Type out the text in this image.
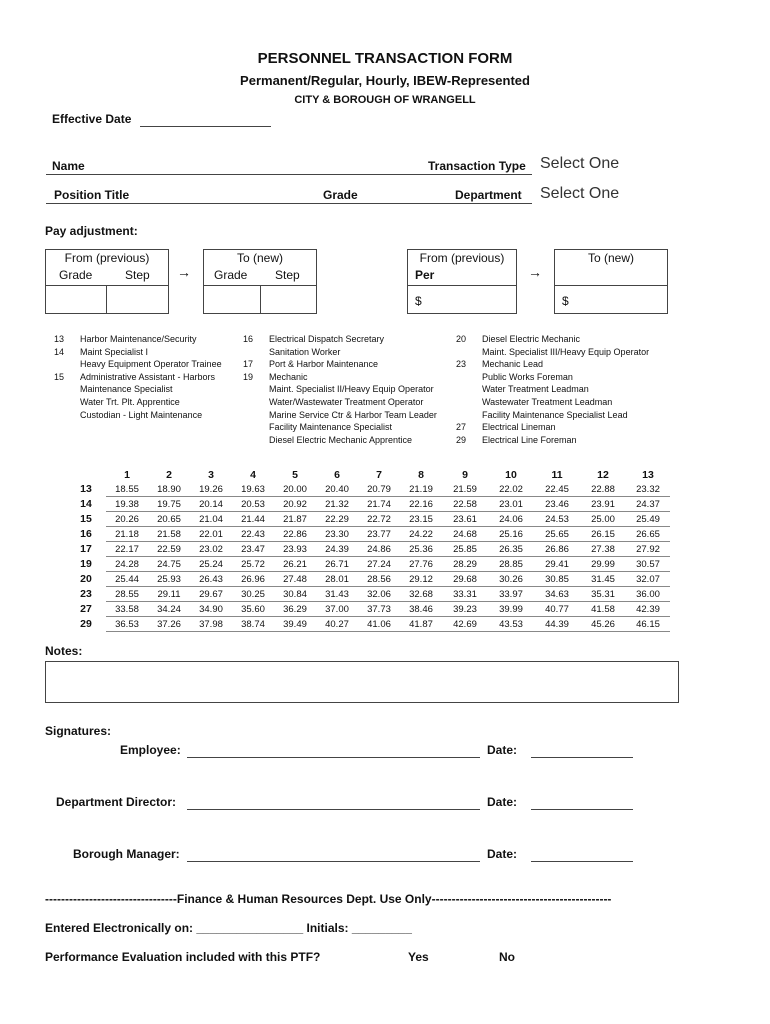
PERSONNEL TRANSACTION FORM
Permanent/Regular, Hourly, IBEW-Represented
CITY & BOROUGH OF WRANGELL
Effective Date
Name	Transaction Type Select One
Position Title	Grade	Department Select One
Pay adjustment:
From (previous)
Grade	Step →
To (new)
Grade Step
From (previous)
Per
$
→
To (new)
$
13	Harbor Maintenance/Security
14	Maint Specialist I
Heavy Equipment Operator Trainee
15	Administrative Assistant - Harbors
Maintenance Specialist
Water Trt. Plt. Apprentice
Custodian - Light Maintenance
16	Electrical Dispatch Secretary
Sanitation Worker
17	Port & Harbor Maintenance
19	Mechanic
Maint. Specialist II/Heavy Equip Operator
Water/Wastewater Treatment Operator
Marine Service Ctr & Harbor Team Leader
Facility Maintenance Specialist
Diesel Electric Mechanic Apprentice
20	Diesel Electric Mechanic
Maint. Specialist III/Heavy Equip Operator
23	Mechanic Lead
Public Works Foreman
Water Treatment Leadman
Wastewater Treatment Leadman
Facility Maintenance Specialist Lead
27	Electrical Lineman
29	Electrical Line Foreman
	1	2	3	4	5	6	7	8	9	10	11	12	13
13	18.55	18.90	19.26	19.63	20.00	20.40	20.79	21.19	21.59	22.02	22.45	22.88	23.32
14	19.38	19.75	20.14	20.53	20.92	21.32	21.74	22.16	22.58	23.01	23.46	23.91	24.37
15	20.26	20.65	21.04	21.44	21.87	22.29	22.72	23.15	23.61	24.06	24.53	25.00	25.49
16	21.18	21.58	22.01	22.43	22.86	23.30	23.77	24.22	24.68	25.16	25.65	26.15	26.65
17	22.17	22.59	23.02	23.47	23.93	24.39	24.86	25.36	25.85	26.35	26.86	27.38	27.92
19	24.28	24.75	25.24	25.72	26.21	26.71	27.24	27.76	28.29	28.85	29.41	29.99	30.57
20	25.44	25.93	26.43	26.96	27.48	28.01	28.56	29.12	29.68	30.26	30.85	31.45	32.07
23	28.55	29.11	29.67	30.25	30.84	31.43	32.06	32.68	33.31	33.97	34.63	35.31	36.00
27	33.58	34.24	34.90	35.60	36.29	37.00	37.73	38.46	39.23	39.99	40.77	41.58	42.39
29	36.53	37.26	37.98	38.74	39.49	40.27	41.06	41.87	42.69	43.53	44.39	45.26	46.15
Notes:
Signatures:
Employee:	Date:
Department Director:	Date:
Borough Manager:	Date:
---------------------------------Finance & Human Resources Dept. Use Only---------------------------------------------
Entered Electronically on: ________________ Initials: _________
Performance Evaluation included with this PTF?	Yes	No
